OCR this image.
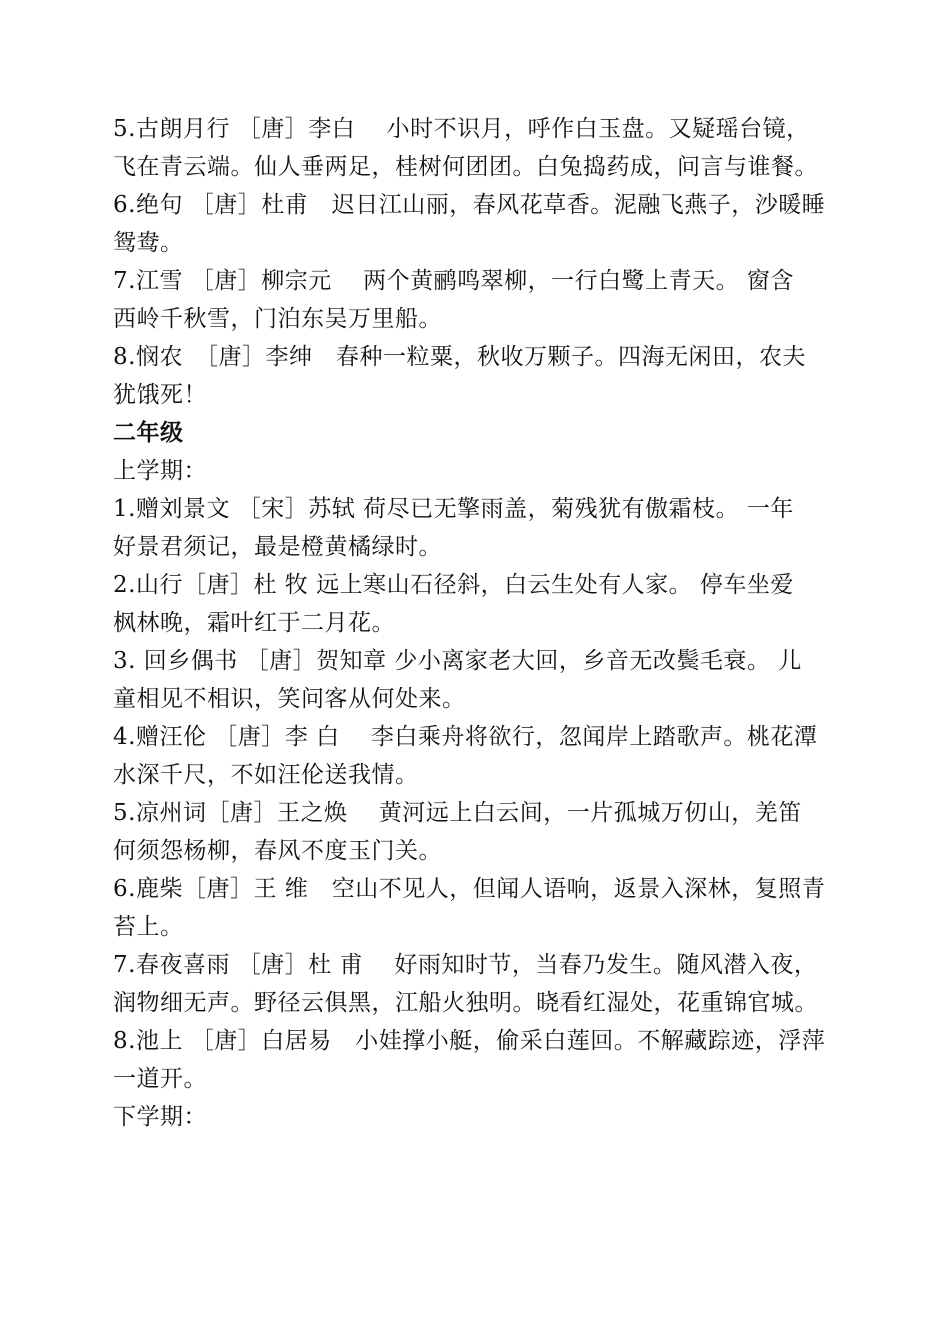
5.古朗月行 ［唐］李白　 小时不识月，呼作白玉盘。又疑瑶台镜，
飞在青云端。仙人垂两足，桂树何团团。白兔捣药成，问言与谁餐。
6.绝句 ［唐］杜甫　迟日江山丽，春风花草香。泥融飞燕子，沙暖睡
鸳鸯。
7.江雪 ［唐］柳宗元　 两个黄鹂鸣翠柳，一行白鹭上青天。 窗含
西岭千秋雪，门泊东吴万里船。
8.悯农　［唐］李绅　春种一粒粟，秋收万颗子。四海无闲田，农夫
犹饿死！
二年级
上学期：
1.赠刘景文 ［宋］苏轼 荷尽已无擎雨盖，菊残犹有傲霜枝。 一年
好景君须记，最是橙黄橘绿时。
2.山行［唐］杜 牧 远上寒山石径斜，白云生处有人家。 停车坐爱
枫林晚，霜叶红于二月花。
3. 回乡偶书 ［唐］贺知章 少小离家老大回，乡音无改鬓毛衰。 儿
童相见不相识，笑问客从何处来。
4.赠汪伦 ［唐］李 白　 李白乘舟将欲行，忽闻岸上踏歌声。桃花潭
水深千尺，不如汪伦送我情。
5.凉州词［唐］王之焕　 黄河远上白云间，一片孤城万仞山，羌笛
何须怨杨柳，春风不度玉门关。
6.鹿柴［唐］王 维　空山不见人，但闻人语响，返景入深林，复照青
苔上。
7.春夜喜雨 ［唐］杜 甫　 好雨知时节，当春乃发生。随风潜入夜，
润物细无声。野径云俱黑，江船火独明。晓看红湿处，花重锦官城。
8.池上 ［唐］白居易　小娃撑小艇，偷采白莲回。不解藏踪迹，浮萍
一道开。
下学期：
